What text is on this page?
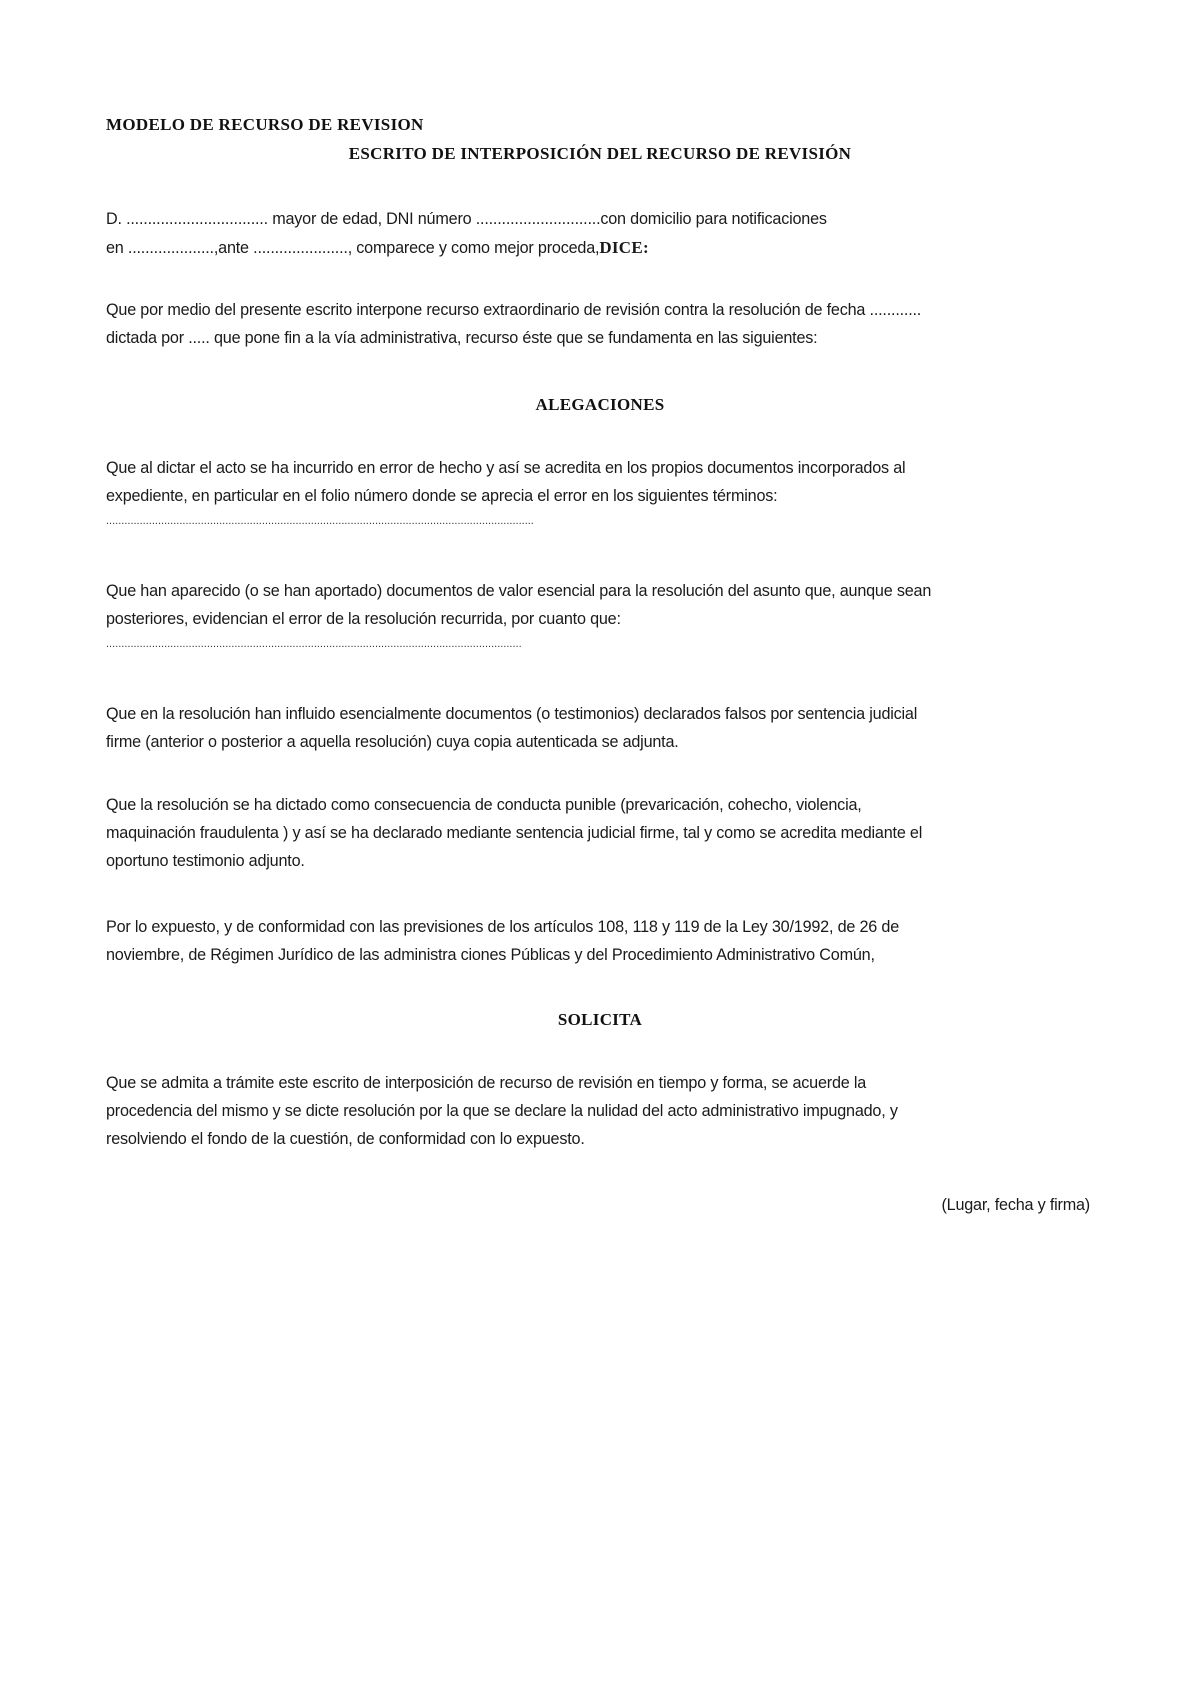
MODELO DE RECURSO DE REVISION
ESCRITO DE INTERPOSICIÓN DEL RECURSO DE REVISIÓN
D. ................................. mayor de edad, DNI número .............................con domicilio para notificaciones
en ....................,ante ......................, comparece y como mejor proceda,DICE:
Que por medio del presente escrito interpone recurso extraordinario de revisión contra la resolución de fecha ............
dictada por ..... que pone fin a la vía administrativa, recurso éste que se fundamenta en las siguientes:
ALEGACIONES
Que al dictar el acto se ha incurrido en error de hecho y así se acredita en los propios documentos incorporados al
expediente, en particular en el folio número donde se aprecia el error en los siguientes términos:
............................................................................................................................................
Que han aparecido (o se han aportado) documentos de valor esencial para la resolución del asunto que, aunque sean
posteriores, evidencian el error de la resolución recurrida, por cuanto que:
........................................................................................................................................
Que en la resolución han influido esencialmente documentos (o testimonios) declarados falsos por sentencia judicial
firme (anterior o posterior a aquella resolución) cuya copia autenticada se adjunta.
Que la resolución se ha dictado como consecuencia de conducta punible (prevaricación, cohecho, violencia,
maquinación fraudulenta ) y así se ha declarado mediante sentencia judicial firme, tal y como se acredita mediante el
oportuno testimonio adjunto.
Por lo expuesto, y de conformidad con las previsiones de los artículos 108, 118 y 119 de la Ley 30/1992, de 26 de
noviembre, de Régimen Jurídico de las administra ciones Públicas y del Procedimiento Administrativo Común,
SOLICITA
Que se admita a trámite este escrito de interposición de recurso de revisión en tiempo y forma, se acuerde la
procedencia del mismo y se dicte resolución por la que se declare la nulidad del acto administrativo impugnado, y
resolviendo el fondo de la cuestión, de conformidad con lo expuesto.
(Lugar, fecha y firma)
